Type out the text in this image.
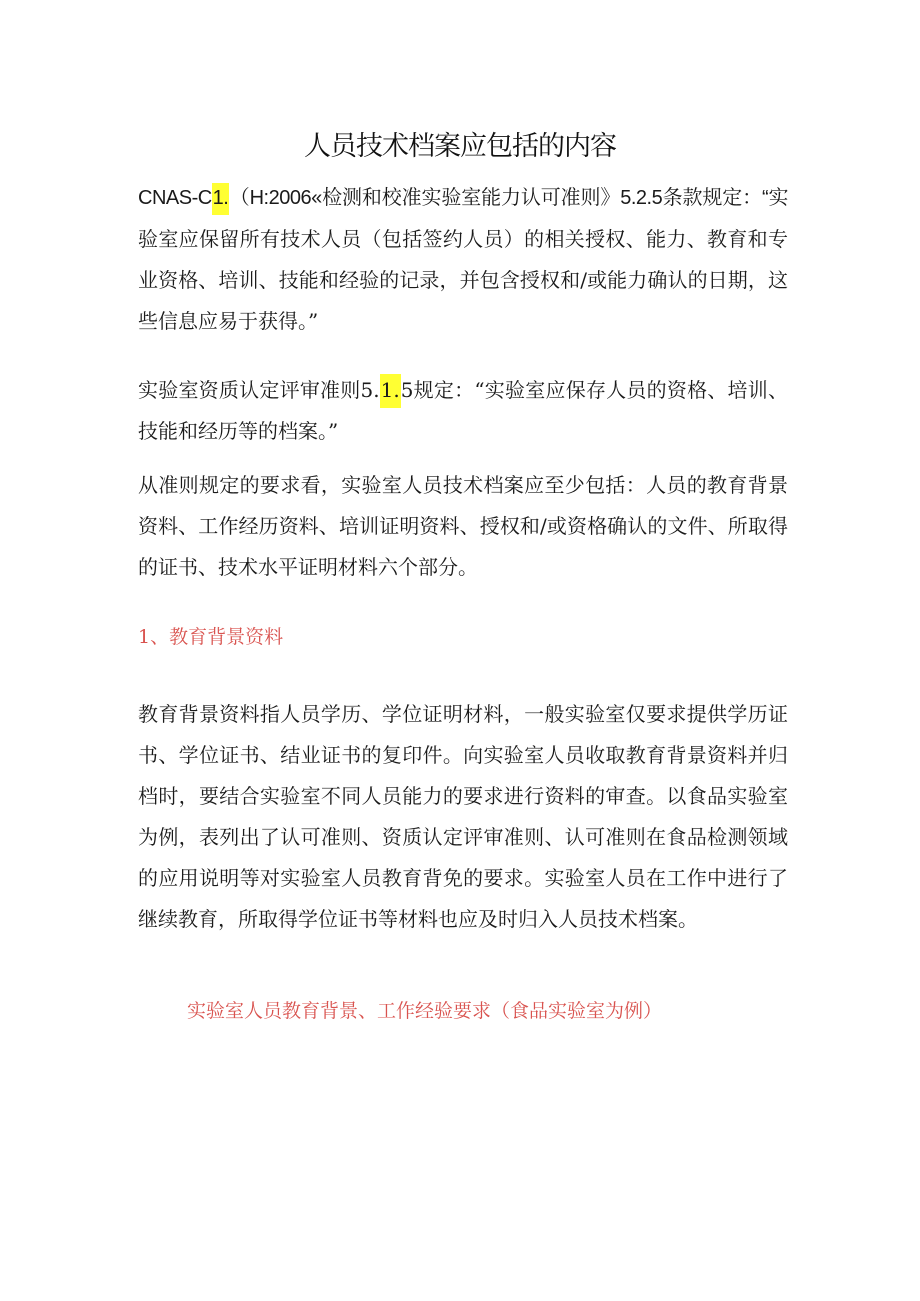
人员技术档案应包括的内容
CNAS-C1.（H:2006«检测和校准实验室能力认可准则》5.2.5条款规定：“实
验室应保留所有技术人员（包括签约人员）的相关授权、能力、教育和专
业资格、培训、技能和经验的记录，并包含授权和/或能力确认的日期，这
些信息应易于获得。”
实验室资质认定评审准则5.1.5规定：“实验室应保存人员的资格、培训、
技能和经历等的档案。”
从准则规定的要求看，实验室人员技术档案应至少包括：人员的教育背景
资料、工作经历资料、培训证明资料、授权和/或资格确认的文件、所取得
的证书、技术水平证明材料六个部分。
1、教育背景资料
教育背景资料指人员学历、学位证明材料，一般实验室仅要求提供学历证
书、学位证书、结业证书的复印件。向实验室人员收取教育背景资料并归
档时，要结合实验室不同人员能力的要求进行资料的审查。以食品实验室
为例，表列出了认可准则、资质认定评审准则、认可准则在食品检测领域
的应用说明等对实验室人员教育背免的要求。实验室人员在工作中进行了
继续教育，所取得学位证书等材料也应及时归入人员技术档案。
实验室人员教育背景、工作经验要求（食品实验室为例）
